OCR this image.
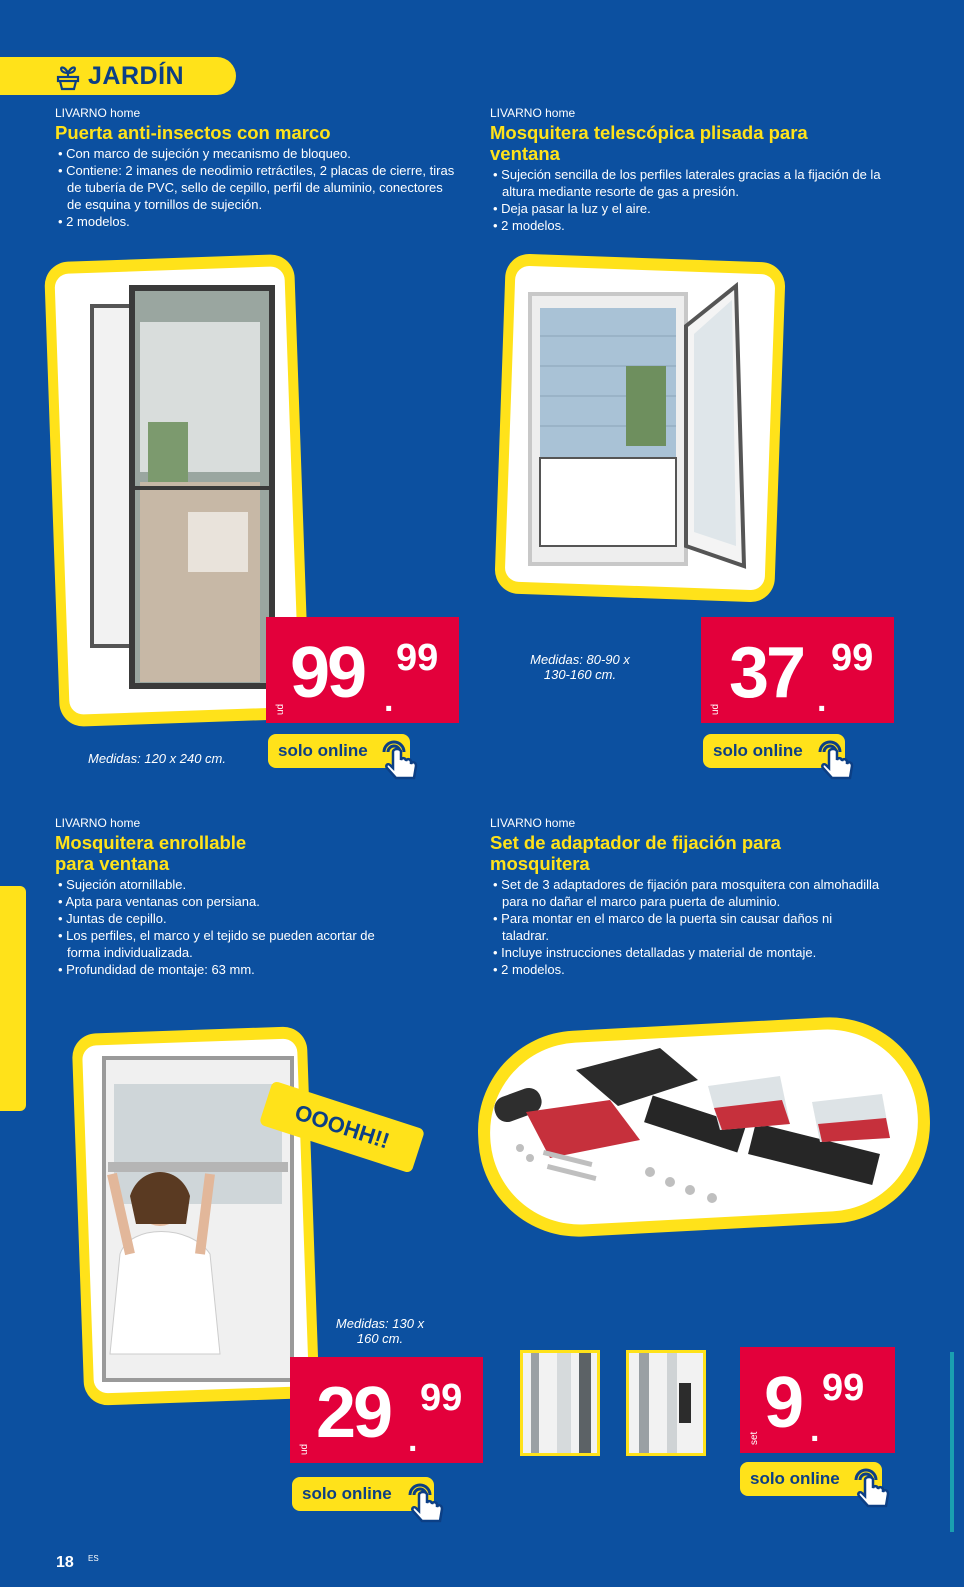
JARDÍN
LIVARNO home
Puerta anti-insectos con marco
• Con marco de sujeción y mecanismo de bloqueo.
• Contiene: 2 imanes de neodimio retráctiles, 2 placas de cierre, tiras de tubería de PVC, sello de cepillo, perfil de aluminio, conectores de esquina y tornillos de sujeción.
• 2 modelos.
ud 99 99
.
solo online
Medidas: 120 x 240 cm.
LIVARNO home
Mosquitera telescópica plisada para ventana
• Sujeción sencilla de los perfiles laterales gracias a la fijación de la altura mediante resorte de gas a presión.
• Deja pasar la luz y el aire.
• 2 modelos.
Medidas: 80-90 x 130-160 cm.
ud 37 99
.
solo online
LIVARNO home
Mosquitera enrollable para ventana
• Sujeción atornillable.
• Apta para ventanas con persiana.
• Juntas de cepillo.
• Los perfiles, el marco y el tejido se pueden acortar de forma individualizada.
• Profundidad de montaje: 63 mm.
OOOHH!!
Medidas: 130 x 160 cm.
ud 29 99
.
solo online
LIVARNO home
Set de adaptador de fijación para mosquitera
• Set de 3 adaptadores de fijación para mosquitera con almohadilla para no dañar el marco para puerta de aluminio.
• Para montar en el marco de la puerta sin causar daños ni taladrar.
• Incluye instrucciones detalladas y material de montaje.
• 2 modelos.
set 9 99
.
solo online
18 ES
